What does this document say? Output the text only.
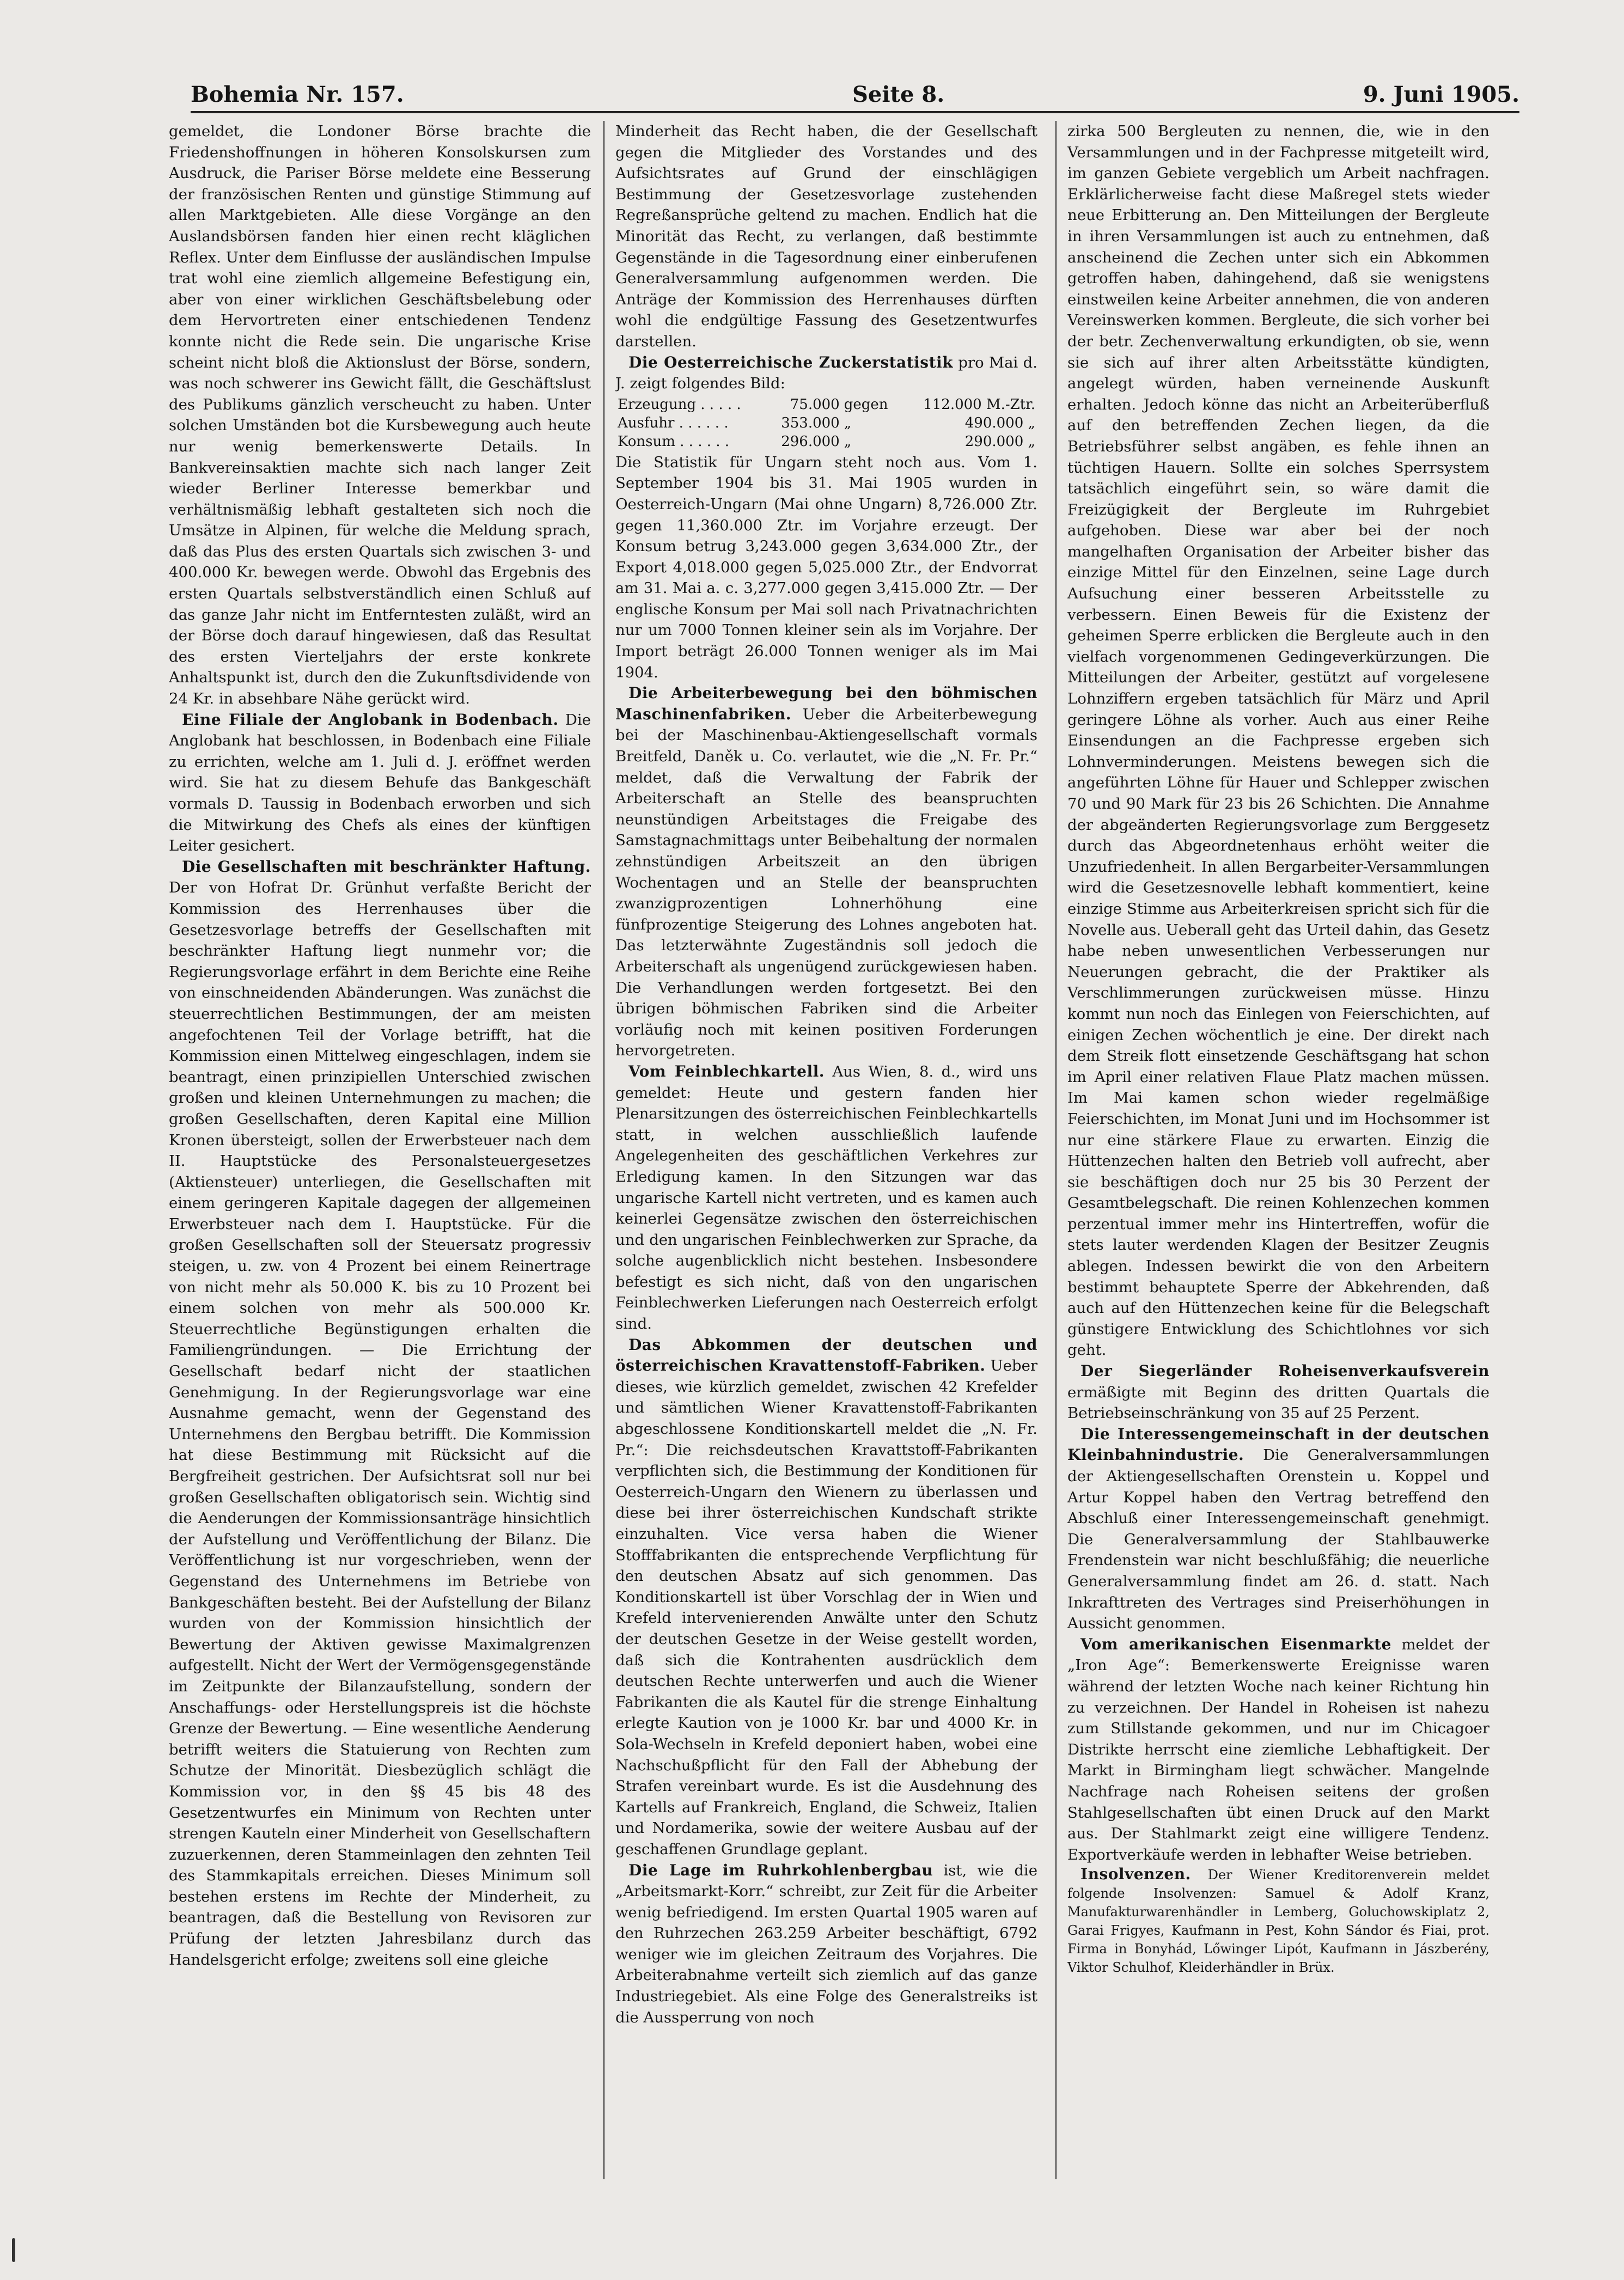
Bohemia Nr. 157.	Seite 8.	9. Juni 1905.

gemeldet, die Londoner Börse brachte die Friedenshoffnungen in höheren Konsolskursen zum Ausdruck, die Pariser Börse meldete eine Besserung der französischen Renten und günstige Stimmung auf allen Marktgebieten. Alle diese Vorgänge an den Auslandsbörsen fanden hier einen recht kläglichen Reflex. Unter dem Einflusse der ausländischen Impulse trat wohl eine ziemlich allgemeine Befestigung ein, aber von einer wirklichen Geschäftsbelebung oder dem Hervortreten einer entschiedenen Tendenz konnte nicht die Rede sein. Die ungarische Krise scheint nicht bloß die Aktionslust der Börse, sondern, was noch schwerer ins Gewicht fällt, die Geschäftslust des Publikums gänzlich verscheucht zu haben. Unter solchen Umständen bot die Kursbewegung auch heute nur wenig bemerkenswerte Details. In Bankvereinsaktien machte sich nach langer Zeit wieder Berliner Interesse bemerkbar und verhältnismäßig lebhaft gestalteten sich noch die Umsätze in Alpinen, für welche die Meldung sprach, daß das Plus des ersten Quartals sich zwischen 3- und 400.000 Kr. bewegen werde. Obwohl das Ergebnis des ersten Quartals selbstverständlich einen Schluß auf das ganze Jahr nicht im Entferntesten zuläßt, wird an der Börse doch darauf hingewiesen, daß das Resultat des ersten Vierteljahrs der erste konkrete Anhaltspunkt ist, durch den die Zukunftsdividende von 24 Kr. in absehbare Nähe gerückt wird.

Eine Filiale der Anglobank in Bodenbach. Die Anglobank hat beschlossen, in Bodenbach eine Filiale zu errichten, welche am 1. Juli d. J. eröffnet werden wird. Sie hat zu diesem Behufe das Bankgeschäft vormals D. Taussig in Bodenbach erworben und sich die Mitwirkung des Chefs als eines der künftigen Leiter gesichert.

Die Gesellschaften mit beschränkter Haftung. Der von Hofrat Dr. Grünhut verfaßte Bericht der Kommission des Herrenhauses über die Gesetzesvorlage betreffs der Gesellschaften mit beschränkter Haftung liegt nunmehr vor; die Regierungsvorlage erfährt in dem Berichte eine Reihe von einschneidenden Abänderungen. Was zunächst die steuerrechtlichen Bestimmungen, der am meisten angefochtenen Teil der Vorlage betrifft, hat die Kommission einen Mittelweg eingeschlagen, indem sie beantragt, einen prinzipiellen Unterschied zwischen großen und kleinen Unternehmungen zu machen; die großen Gesellschaften, deren Kapital eine Million Kronen übersteigt, sollen der Erwerbsteuer nach dem II. Hauptstücke des Personalsteuergesetzes (Aktiensteuer) unterliegen, die Gesellschaften mit einem geringeren Kapitale dagegen der allgemeinen Erwerbsteuer nach dem I. Hauptstücke. Für die großen Gesellschaften soll der Steuersatz progressiv steigen, u. zw. von 4 Prozent bei einem Reinertrage von nicht mehr als 50.000 K. bis zu 10 Prozent bei einem solchen von mehr als 500.000 Kr. Steuerrechtliche Begünstigungen erhalten die Familiengründungen. — Die Errichtung der Gesellschaft bedarf nicht der staatlichen Genehmigung. In der Regierungsvorlage war eine Ausnahme gemacht, wenn der Gegenstand des Unternehmens den Bergbau betrifft. Die Kommission hat diese Bestimmung mit Rücksicht auf die Bergfreiheit gestrichen. Der Aufsichtsrat soll nur bei großen Gesellschaften obligatorisch sein. Wichtig sind die Aenderungen der Kommissionsanträge hinsichtlich der Aufstellung und Veröffentlichung der Bilanz. Die Veröffentlichung ist nur vorgeschrieben, wenn der Gegenstand des Unternehmens im Betriebe von Bankgeschäften besteht. Bei der Aufstellung der Bilanz wurden von der Kommission hinsichtlich der Bewertung der Aktiven gewisse Maximalgrenzen aufgestellt. Nicht der Wert der Vermögensgegenstände im Zeitpunkte der Bilanzaufstellung, sondern der Anschaffungs- oder Herstellungspreis ist die höchste Grenze der Bewertung. — Eine wesentliche Aenderung betrifft weiters die Statuierung von Rechten zum Schutze der Minorität. Diesbezüglich schlägt die Kommission vor, in den §§ 45 bis 48 des Gesetzentwurfes ein Minimum von Rechten unter strengen Kauteln einer Minderheit von Gesellschaftern zuzuerkennen, deren Stammeinlagen den zehnten Teil des Stammkapitals erreichen. Dieses Minimum soll bestehen erstens im Rechte der Minderheit, zu beantragen, daß die Bestellung von Revisoren zur Prüfung der letzten Jahresbilanz durch das Handelsgericht erfolge; zweitens soll eine gleiche

Minderheit das Recht haben, die der Gesellschaft gegen die Mitglieder des Vorstandes und des Aufsichtsrates auf Grund der einschlägigen Bestimmung der Gesetzesvorlage zustehenden Regreßansprüche geltend zu machen. Endlich hat die Minorität das Recht, zu verlangen, daß bestimmte Gegenstände in die Tagesordnung einer einberufenen Generalversammlung aufgenommen werden. Die Anträge der Kommission des Herrenhauses dürften wohl die endgültige Fassung des Gesetzentwurfes darstellen.

Die Oesterreichische Zuckerstatistik pro Mai d. J. zeigt folgendes Bild:

Erzeugung . . . . .	75.000	gegen	112.000 M.-Ztr.
Ausfuhr . . . . . .	353.000	„	490.000 „
Konsum . . . . . .	296.000	„	290.000 „

Die Statistik für Ungarn steht noch aus. Vom 1. September 1904 bis 31. Mai 1905 wurden in Oesterreich-Ungarn (Mai ohne Ungarn) 8,726.000 Ztr. gegen 11,360.000 Ztr. im Vorjahre erzeugt. Der Konsum betrug 3,243.000 gegen 3,634.000 Ztr., der Export 4,018.000 gegen 5,025.000 Ztr., der Endvorrat am 31. Mai a. c. 3,277.000 gegen 3,415.000 Ztr. — Der englische Konsum per Mai soll nach Privatnachrichten nur um 7000 Tonnen kleiner sein als im Vorjahre. Der Import beträgt 26.000 Tonnen weniger als im Mai 1904.

Die Arbeiterbewegung bei den böhmischen Maschinenfabriken. Ueber die Arbeiterbewegung bei der Maschinenbau-Aktiengesellschaft vormals Breitfeld, Daněk u. Co. verlautet, wie die „N. Fr. Pr.“ meldet, daß die Verwaltung der Fabrik der Arbeiterschaft an Stelle des beanspruchten neunstündigen Arbeitstages die Freigabe des Samstagnachmittags unter Beibehaltung der normalen zehnstündigen Arbeitszeit an den übrigen Wochentagen und an Stelle der beanspruchten zwanzigprozentigen Lohnerhöhung eine fünfprozentige Steigerung des Lohnes angeboten hat. Das letzterwähnte Zugeständnis soll jedoch die Arbeiterschaft als ungenügend zurückgewiesen haben. Die Verhandlungen werden fortgesetzt. Bei den übrigen böhmischen Fabriken sind die Arbeiter vorläufig noch mit keinen positiven Forderungen hervorgetreten.

Vom Feinblechkartell. Aus Wien, 8. d., wird uns gemeldet: Heute und gestern fanden hier Plenarsitzungen des österreichischen Feinblechkartells statt, in welchen ausschließlich laufende Angelegenheiten des geschäftlichen Verkehres zur Erledigung kamen. In den Sitzungen war das ungarische Kartell nicht vertreten, und es kamen auch keinerlei Gegensätze zwischen den österreichischen und den ungarischen Feinblechwerken zur Sprache, da solche augenblicklich nicht bestehen. Insbesondere befestigt es sich nicht, daß von den ungarischen Feinblechwerken Lieferungen nach Oesterreich erfolgt sind.

Das Abkommen der deutschen und österreichischen Kravattenstoff-Fabriken. Ueber dieses, wie kürzlich gemeldet, zwischen 42 Krefelder und sämtlichen Wiener Kravattenstoff-Fabrikanten abgeschlossene Konditionskartell meldet die „N. Fr. Pr.“: Die reichsdeutschen Kravattstoff-Fabrikanten verpflichten sich, die Bestimmung der Konditionen für Oesterreich-Ungarn den Wienern zu überlassen und diese bei ihrer österreichischen Kundschaft strikte einzuhalten. Vice versa haben die Wiener Stofffabrikanten die entsprechende Verpflichtung für den deutschen Absatz auf sich genommen. Das Konditionskartell ist über Vorschlag der in Wien und Krefeld intervenierenden Anwälte unter den Schutz der deutschen Gesetze in der Weise gestellt worden, daß sich die Kontrahenten ausdrücklich dem deutschen Rechte unterwerfen und auch die Wiener Fabrikanten die als Kautel für die strenge Einhaltung erlegte Kaution von je 1000 Kr. bar und 4000 Kr. in Sola-Wechseln in Krefeld deponiert haben, wobei eine Nachschußpflicht für den Fall der Abhebung der Strafen vereinbart wurde. Es ist die Ausdehnung des Kartells auf Frankreich, England, die Schweiz, Italien und Nordamerika, sowie der weitere Ausbau auf der geschaffenen Grundlage geplant.

Die Lage im Ruhrkohlenbergbau ist, wie die „Arbeitsmarkt-Korr.“ schreibt, zur Zeit für die Arbeiter wenig befriedigend. Im ersten Quartal 1905 waren auf den Ruhrzechen 263.259 Arbeiter beschäftigt, 6792 weniger wie im gleichen Zeitraum des Vorjahres. Die Arbeiterabnahme verteilt sich ziemlich auf das ganze Industriegebiet. Als eine Folge des Generalstreiks ist die Aussperrung von noch

zirka 500 Bergleuten zu nennen, die, wie in den Versammlungen und in der Fachpresse mitgeteilt wird, im ganzen Gebiete vergeblich um Arbeit nachfragen. Erklärlicherweise facht diese Maßregel stets wieder neue Erbitterung an. Den Mitteilungen der Bergleute in ihren Versammlungen ist auch zu entnehmen, daß anscheinend die Zechen unter sich ein Abkommen getroffen haben, dahingehend, daß sie wenigstens einstweilen keine Arbeiter annehmen, die von anderen Vereinswerken kommen. Bergleute, die sich vorher bei der betr. Zechenverwaltung erkundigten, ob sie, wenn sie sich auf ihrer alten Arbeitsstätte kündigten, angelegt würden, haben verneinende Auskunft erhalten. Jedoch könne das nicht an Arbeiterüberfluß auf den betreffenden Zechen liegen, da die Betriebsführer selbst angäben, es fehle ihnen an tüchtigen Hauern. Sollte ein solches Sperrsystem tatsächlich eingeführt sein, so wäre damit die Freizügigkeit der Bergleute im Ruhrgebiet aufgehoben. Diese war aber bei der noch mangelhaften Organisation der Arbeiter bisher das einzige Mittel für den Einzelnen, seine Lage durch Aufsuchung einer besseren Arbeitsstelle zu verbessern. Einen Beweis für die Existenz der geheimen Sperre erblicken die Bergleute auch in den vielfach vorgenommenen Gedingeverkürzungen. Die Mitteilungen der Arbeiter, gestützt auf vorgelesene Lohnziffern ergeben tatsächlich für März und April geringere Löhne als vorher. Auch aus einer Reihe Einsendungen an die Fachpresse ergeben sich Lohnverminderungen. Meistens bewegen sich die angeführten Löhne für Hauer und Schlepper zwischen 70 und 90 Mark für 23 bis 26 Schichten. Die Annahme der abgeänderten Regierungsvorlage zum Berggesetz durch das Abgeordnetenhaus erhöht weiter die Unzufriedenheit. In allen Bergarbeiter-Versammlungen wird die Gesetzesnovelle lebhaft kommentiert, keine einzige Stimme aus Arbeiterkreisen spricht sich für die Novelle aus. Ueberall geht das Urteil dahin, das Gesetz habe neben unwesentlichen Verbesserungen nur Neuerungen gebracht, die der Praktiker als Verschlimmerungen zurückweisen müsse. Hinzu kommt nun noch das Einlegen von Feierschichten, auf einigen Zechen wöchentlich je eine. Der direkt nach dem Streik flott einsetzende Geschäftsgang hat schon im April einer relativen Flaue Platz machen müssen. Im Mai kamen schon wieder regelmäßige Feierschichten, im Monat Juni und im Hochsommer ist nur eine stärkere Flaue zu erwarten. Einzig die Hüttenzechen halten den Betrieb voll aufrecht, aber sie beschäftigen doch nur 25 bis 30 Perzent der Gesamtbelegschaft. Die reinen Kohlenzechen kommen perzentual immer mehr ins Hintertreffen, wofür die stets lauter werdenden Klagen der Besitzer Zeugnis ablegen. Indessen bewirkt die von den Arbeitern bestimmt behauptete Sperre der Abkehrenden, daß auch auf den Hüttenzechen keine für die Belegschaft günstigere Entwicklung des Schichtlohnes vor sich geht.

Der Siegerländer Roheisenverkaufsverein ermäßigte mit Beginn des dritten Quartals die Betriebseinschränkung von 35 auf 25 Perzent.

Die Interessengemeinschaft in der deutschen Kleinbahnindustrie. Die Generalversammlungen der Aktiengesellschaften Orenstein u. Koppel und Artur Koppel haben den Vertrag betreffend den Abschluß einer Interessengemeinschaft genehmigt. Die Generalversammlung der Stahlbauwerke Frendenstein war nicht beschlußfähig; die neuerliche Generalversammlung findet am 26. d. statt. Nach Inkrafttreten des Vertrages sind Preiserhöhungen in Aussicht genommen.

Vom amerikanischen Eisenmarkte meldet der „Iron Age“: Bemerkenswerte Ereignisse waren während der letzten Woche nach keiner Richtung hin zu verzeichnen. Der Handel in Roheisen ist nahezu zum Stillstande gekommen, und nur im Chicagoer Distrikte herrscht eine ziemliche Lebhaftigkeit. Der Markt in Birmingham liegt schwächer. Mangelnde Nachfrage nach Roheisen seitens der großen Stahlgesellschaften übt einen Druck auf den Markt aus. Der Stahlmarkt zeigt eine willigere Tendenz. Exportverkäufe werden in lebhafter Weise betrieben.

Insolvenzen. Der Wiener Kreditorenverein meldet folgende Insolvenzen: Samuel & Adolf Kranz, Manufakturwarenhändler in Lemberg, Goluchowskiplatz 2, Garai Frigyes, Kaufmann in Pest, Kohn Sándor és Fiai, prot. Firma in Bonyhád, Lőwinger Lipót, Kaufmann in Jászberény, Viktor Schulhof, Kleiderhändler in Brüx.
